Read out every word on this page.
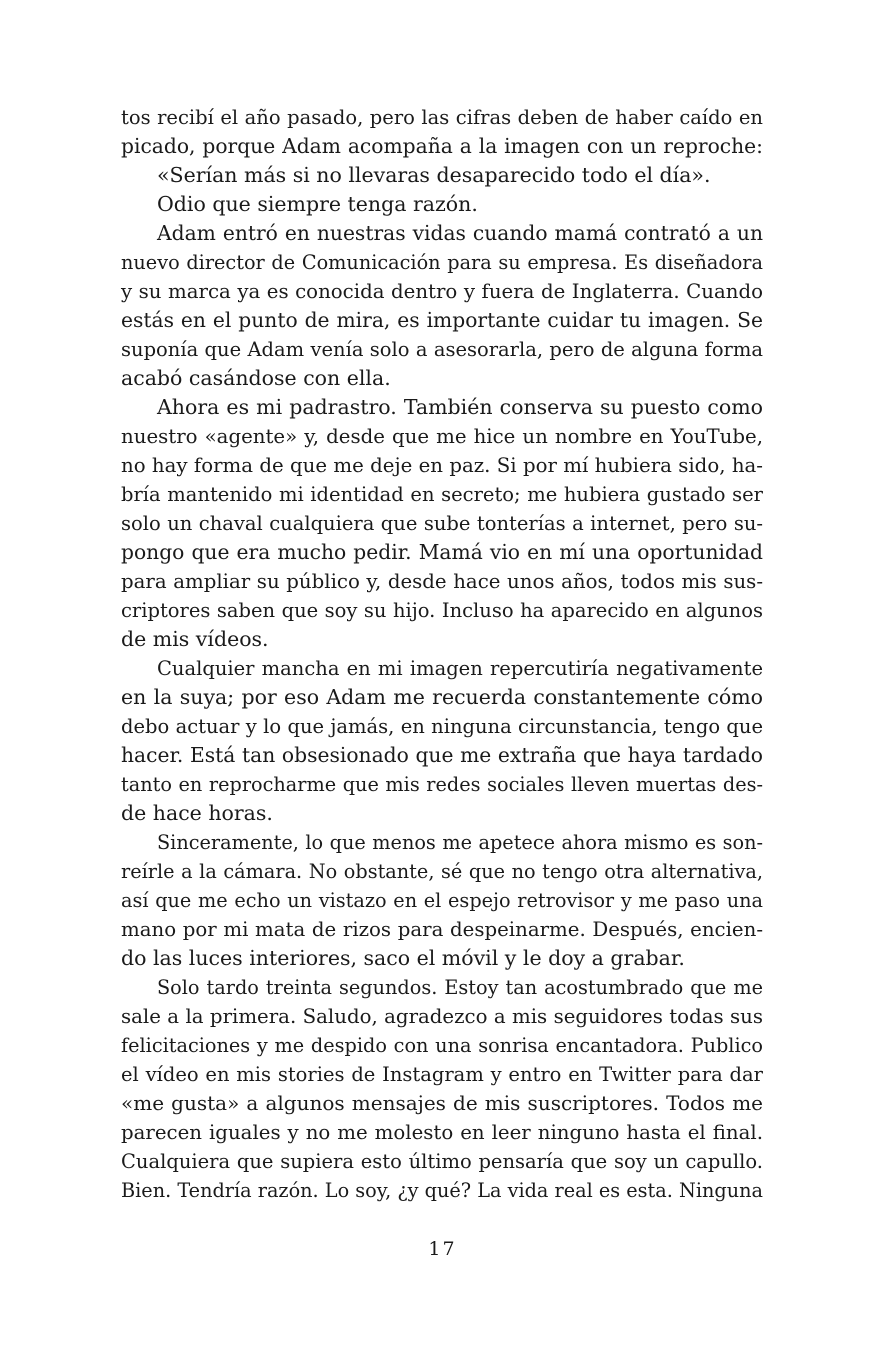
tos recibí el año pasado, pero las cifras deben de haber caído en
picado, porque Adam acompaña a la imagen con un reproche:
«Serían más si no llevaras desaparecido todo el día».
Odio que siempre tenga razón.
Adam entró en nuestras vidas cuando mamá contrató a un
nuevo director de Comunicación para su empresa. Es diseñadora
y su marca ya es conocida dentro y fuera de Inglaterra. Cuando
estás en el punto de mira, es importante cuidar tu imagen. Se
suponía que Adam venía solo a asesorarla, pero de alguna forma
acabó casándose con ella.
Ahora es mi padrastro. También conserva su puesto como
nuestro «agente» y, desde que me hice un nombre en YouTube,
no hay forma de que me deje en paz. Si por mí hubiera sido, ha-
bría mantenido mi identidad en secreto; me hubiera gustado ser
solo un chaval cualquiera que sube tonterías a internet, pero su-
pongo que era mucho pedir. Mamá vio en mí una oportunidad
para ampliar su público y, desde hace unos años, todos mis sus-
criptores saben que soy su hijo. Incluso ha aparecido en algunos
de mis vídeos.
Cualquier mancha en mi imagen repercutiría negativamente
en la suya; por eso Adam me recuerda constantemente cómo
debo actuar y lo que jamás, en ninguna circunstancia, tengo que
hacer. Está tan obsesionado que me extraña que haya tardado
tanto en reprocharme que mis redes sociales lleven muertas des-
de hace horas.
Sinceramente, lo que menos me apetece ahora mismo es son-
reírle a la cámara. No obstante, sé que no tengo otra alternativa,
así que me echo un vistazo en el espejo retrovisor y me paso una
mano por mi mata de rizos para despeinarme. Después, encien-
do las luces interiores, saco el móvil y le doy a grabar.
Solo tardo treinta segundos. Estoy tan acostumbrado que me
sale a la primera. Saludo, agradezco a mis seguidores todas sus
felicitaciones y me despido con una sonrisa encantadora. Publico
el vídeo en mis stories de Instagram y entro en Twitter para dar
«me gusta» a algunos mensajes de mis suscriptores. Todos me
parecen iguales y no me molesto en leer ninguno hasta el final.
Cualquiera que supiera esto último pensaría que soy un capullo.
Bien. Tendría razón. Lo soy, ¿y qué? La vida real es esta. Ninguna
17
